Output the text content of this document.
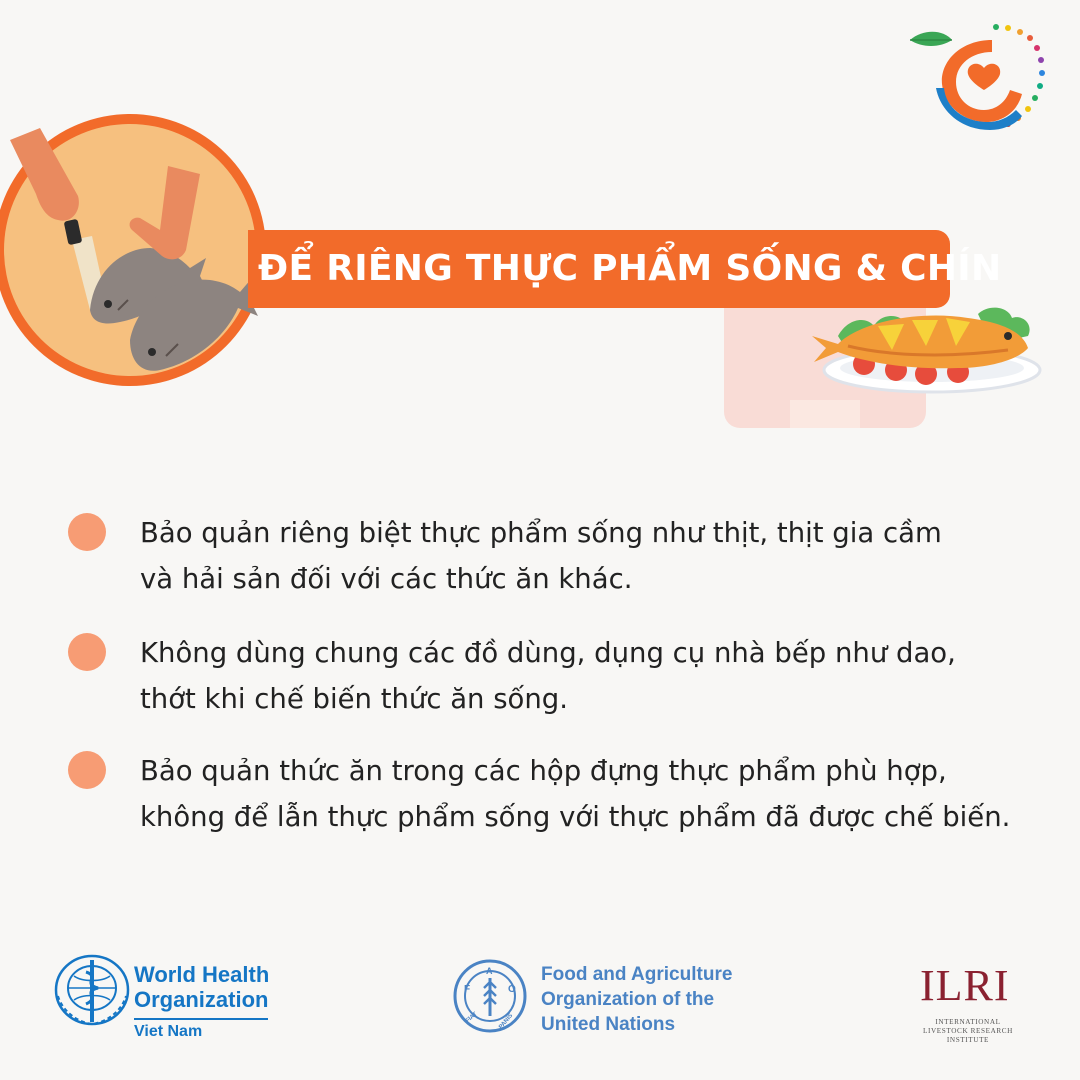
ĐỂ RIÊNG THỰC PHẨM SỐNG & CHÍN
Bảo quản riêng biệt thực phẩm sống như thịt, thịt gia cầm
và hải sản đối với các thức ăn khác.
Không dùng chung các đồ dùng, dụng cụ nhà bếp như dao,
thớt khi chế biến thức ăn sống.
Bảo quản thức ăn trong các hộp đựng thực phẩm phù hợp,
không để lẫn thực phẩm sống với thực phẩm đã được chế biến.
World Health
Organization
Viet Nam
F
A
O
FIAT	PANIS
Food and Agriculture
Organization of the
United Nations
ILRI
INTERNATIONAL
LIVESTOCK RESEARCH
INSTITUTE
